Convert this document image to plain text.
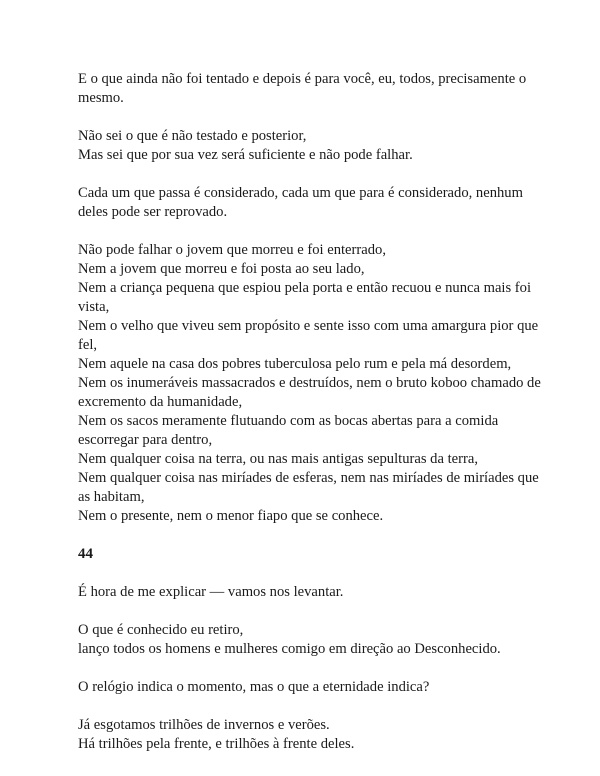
E o que ainda não foi tentado e depois é para você, eu, todos, precisamente o mesmo.

Não sei o que é não testado e posterior,

Mas sei que por sua vez será suficiente e não pode falhar.

Cada um que passa é considerado, cada um que para é considerado, nenhum deles pode ser reprovado.

Não pode falhar o jovem que morreu e foi enterrado,

Nem a jovem que morreu e foi posta ao seu lado,

Nem a criança pequena que espiou pela porta e então recuou e nunca mais foi vista,

Nem o velho que viveu sem propósito e sente isso com uma amargura pior que fel,

Nem aquele na casa dos pobres tuberculosa pelo rum e pela má desordem,

Nem os inumeráveis massacrados e destruídos, nem o bruto koboo chamado de excremento da humanidade,

Nem os sacos meramente flutuando com as bocas abertas para a comida escorregar para dentro,

Nem qualquer coisa na terra, ou nas mais antigas sepulturas da terra,

Nem qualquer coisa nas miríades de esferas, nem nas miríades de miríades que as habitam,

Nem o presente, nem o menor fiapo que se conhece.

44

É hora de me explicar — vamos nos levantar.

O que é conhecido eu retiro,

lanço todos os homens e mulheres comigo em direção ao Desconhecido.

O relógio indica o momento, mas o que a eternidade indica?

Já esgotamos trilhões de invernos e verões.

Há trilhões pela frente, e trilhões à frente deles.
